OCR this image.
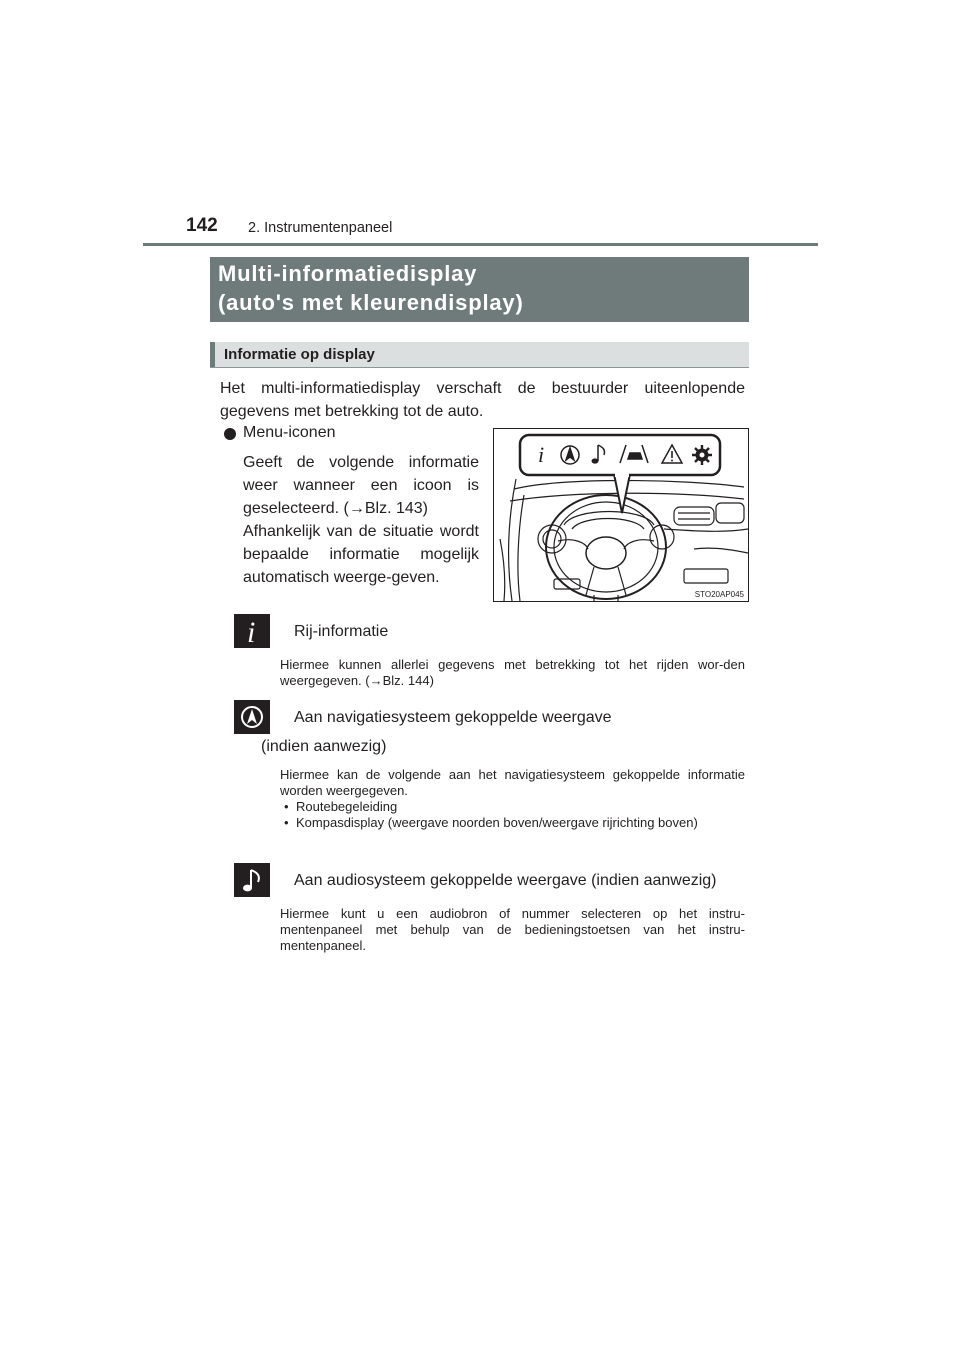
142 2. Instrumentenpaneel
Multi-informatiedisplay
(auto's met kleurendisplay)
Informatie op display
Het multi-informatiedisplay verschaft de bestuurder uiteenlopende gegevens met betrekking tot de auto.
Menu-iconen

Geeft de volgende informatie weer wanneer een icoon is geselecteerd. (→Blz. 143)

Afhankelijk van de situatie wordt bepaalde informatie mogelijk automatisch weerge-geven.

i
STO20AP045
i Rij-informatie
Hiermee kunnen allerlei gegevens met betrekking tot het rijden wor-den weergegeven. (→Blz. 144)
Aan navigatiesysteem gekoppelde weergave
(indien aanwezig)

Hiermee kan de volgende aan het navigatiesysteem gekoppelde informatie worden weergegeven.

• Routebegeleiding
• Kompasdisplay (weergave noorden boven/weergave rijrichting boven)
Aan audiosysteem gekoppelde weergave (indien aanwezig)
Hiermee kunt u een audiobron of nummer selecteren op het instru-mentenpaneel met behulp van de bedieningstoetsen van het instru-mentenpaneel.
